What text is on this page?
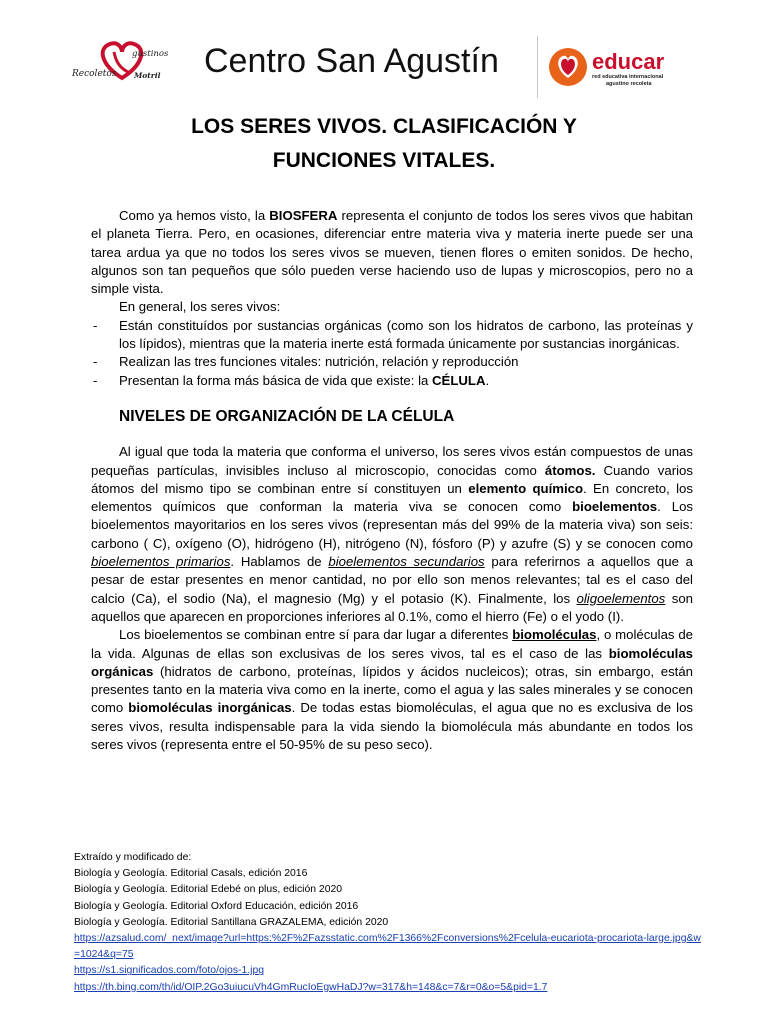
gustinos
Recoletos Motril Centro San Agustín	educar
red educativa internacional
agustino recoleta
LOS SERES VIVOS. CLASIFICACIÓN Y
FUNCIONES VITALES.

Como ya hemos visto, la BIOSFERA representa el conjunto de todos los seres vivos que habitan el planeta Tierra. Pero, en ocasiones, diferenciar entre materia viva y materia inerte puede ser una tarea ardua ya que no todos los seres vivos se mueven, tienen flores o emiten sonidos. De hecho, algunos son tan pequeños que sólo pueden verse haciendo uso de lupas y microscopios, pero no a simple vista.

En general, los seres vivos:

- Están constituídos por sustancias orgánicas (como son los hidratos de carbono, las proteínas y los lípidos), mientras que la materia inerte está formada únicamente por sustancias inorgánicas.
- Realizan las tres funciones vitales: nutrición, relación y reproducción
- Presentan la forma más básica de vida que existe: la CÉLULA.
NIVELES DE ORGANIZACIÓN DE LA CÉLULA

Al igual que toda la materia que conforma el universo, los seres vivos están compuestos de unas pequeñas partículas, invisibles incluso al microscopio, conocidas como átomos. Cuando varios átomos del mismo tipo se combinan entre sí constituyen un elemento químico. En concreto, los elementos químicos que conforman la materia viva se conocen como bioelementos. Los bioelementos mayoritarios en los seres vivos (representan más del 99% de la materia viva) son seis: carbono ( C), oxígeno (O), hidrógeno (H), nitrógeno (N), fósforo (P) y azufre (S) y se conocen como bioelementos primarios. Hablamos de bioelementos secundarios para referirnos a aquellos que a pesar de estar presentes en menor cantidad, no por ello son menos relevantes; tal es el caso del calcio (Ca), el sodio (Na), el magnesio (Mg) y el potasio (K). Finalmente, los oligoelementos son aquellos que aparecen en proporciones inferiores al 0.1%, como el hierro (Fe) o el yodo (I).

Los bioelementos se combinan entre sí para dar lugar a diferentes biomoléculas, o moléculas de la vida. Algunas de ellas son exclusivas de los seres vivos, tal es el caso de las biomoléculas orgánicas (hidratos de carbono, proteínas, lípidos y ácidos nucleicos); otras, sin embargo, están presentes tanto en la materia viva como en la inerte, como el agua y las sales minerales y se conocen como biomoléculas inorgánicas. De todas estas biomoléculas, el agua que no es exclusiva de los seres vivos, resulta indispensable para la vida siendo la biomolécula más abundante en todos los seres vivos (representa entre el 50-95% de su peso seco).

Extraído y modificado de:
Biología y Geología. Editorial Casals, edición 2016
Biología y Geología. Editorial Edebé on plus, edición 2020
Biología y Geología. Editorial Oxford Educación, edición 2016
Biología y Geología. Editorial Santillana GRAZALEMA, edición 2020
https://azsalud.com/_next/image?url=https:%2F%2Fazsstatic.com%2F1366%2Fconversions%2Fcelula-eucariota-procariota-large.jpg&w=1024&q=75
https://s1.significados.com/foto/ojos-1.jpg
https://th.bing.com/th/id/OIP.2Go3uiucuVh4GmRucIoEgwHaDJ?w=317&h=148&c=7&r=0&o=5&pid=1.7
